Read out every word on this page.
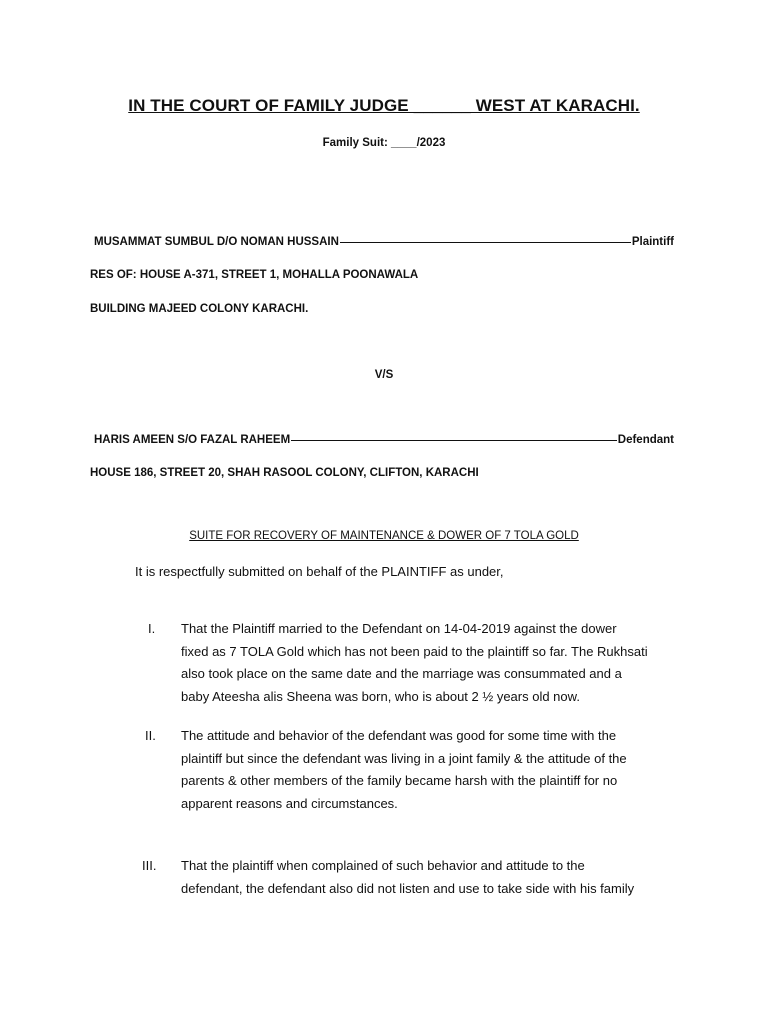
IN THE COURT OF FAMILY JUDGE ______ WEST AT KARACHI.
Family Suit: ____/2023
MUSAMMAT SUMBUL D/O NOMAN HUSSAIN	Plaintiff
RES OF: HOUSE A-371, STREET 1, MOHALLA POONAWALA
BUILDING MAJEED COLONY KARACHI.
V/S
HARIS AMEEN S/O FAZAL RAHEEM	Defendant
HOUSE 186, STREET 20, SHAH RASOOL COLONY, CLIFTON, KARACHI
SUITE FOR RECOVERY OF MAINTENANCE & DOWER OF 7 TOLA GOLD
It is respectfully submitted on behalf of the PLAINTIFF as under,
I.	That the Plaintiff married to the Defendant on 14-04-2019 against the dower
fixed as 7 TOLA Gold which has not been paid to the plaintiff so far. The Rukhsati
also took place on the same date and the marriage was consummated and a
baby Ateesha alis Sheena was born, who is about 2 ½ years old now.
II.	The attitude and behavior of the defendant was good for some time with the
plaintiff but since the defendant was living in a joint family & the attitude of the
parents & other members of the family became harsh with the plaintiff for no
apparent reasons and circumstances.
III.	That the plaintiff when complained of such behavior and attitude to the
defendant, the defendant also did not listen and use to take side with his family
